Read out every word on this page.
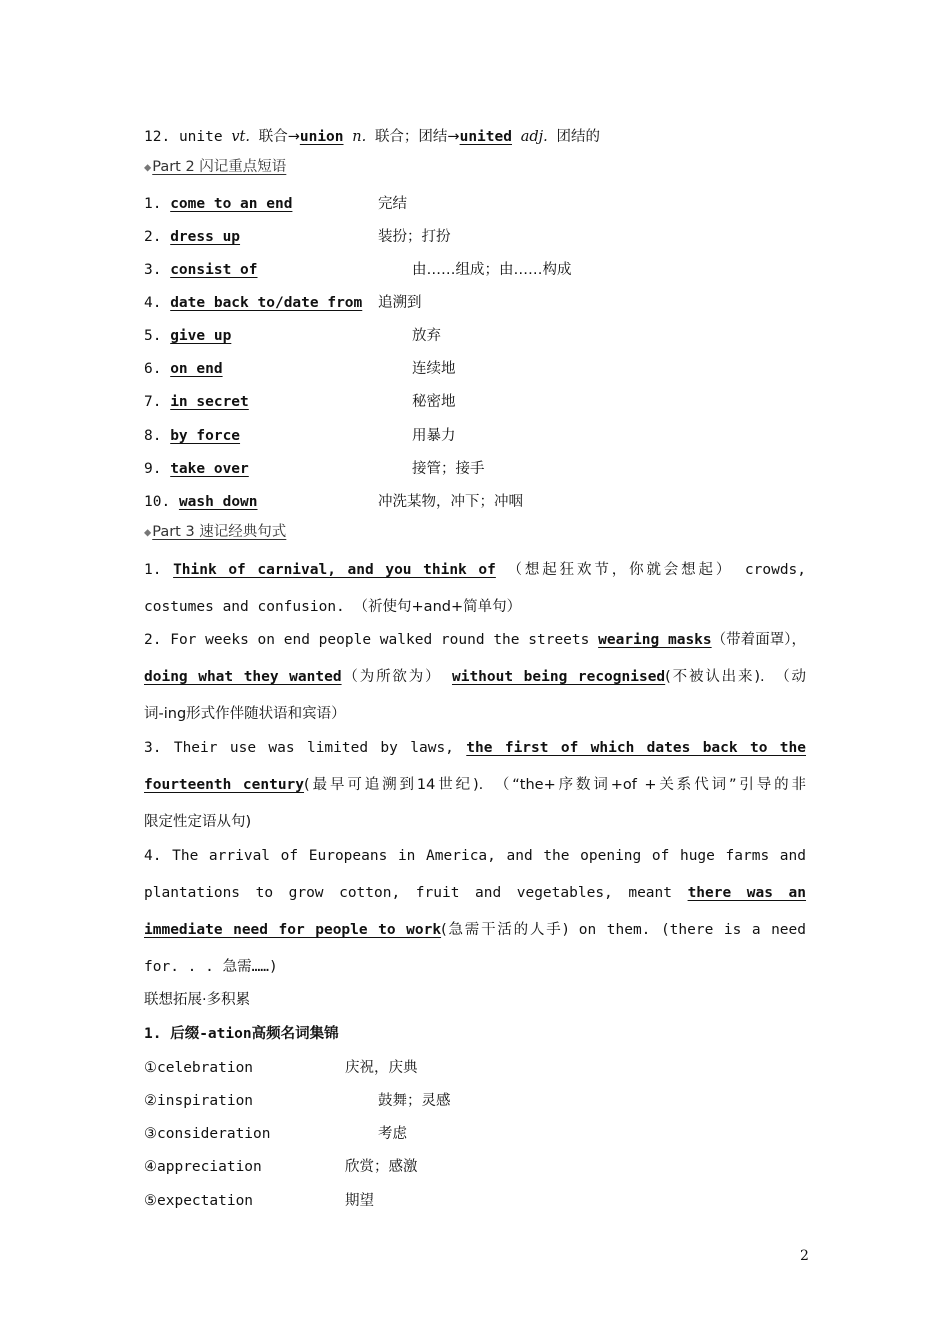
12. unite vt. 联合→union n. 联合；团结→united adj. 团结的
◆Part 2 闪记重点短语
1. come to an end	完结
2. dress up	装扮；打扮
3. consist of	由……组成；由……构成
4. date back to/date from 追溯到
5. give up	放弃
6. on end	连续地
7. in secret	秘密地
8. by force	用暴力
9. take over	接管；接手
10. wash down	冲洗某物，冲下；冲咽
◆Part 3 速记经典句式
1. Think of carnival, and you think of （想起狂欢节，你就会想起） crowds,
costumes and confusion. （祈使句+and+简单句）
2. For weeks on end people walked round the streets wearing masks（带着面罩），
doing what they wanted（为所欲为） without being recognised(不被认出来). （动
词-ing形式作伴随状语和宾语）
3. Their use was limited by laws, the first of which dates back to the
fourteenth century(最早可追溯到14世纪). （“the+序数词+of +关系代词”引导的非
限定性定语从句)
4. The arrival of Europeans in America, and the opening of huge farms and
plantations to grow cotton, fruit and vegetables, meant there was an
immediate need for people to work(急需干活的人手) on them. (there is a need
for. . . 急需……)
联想拓展·多积累
1. 后缀-ation高频名词集锦
①celebration	庆祝，庆典
②inspiration	鼓舞；灵感
③consideration	考虑
④appreciation	欣赏；感激
⑤expectation	期望
2
